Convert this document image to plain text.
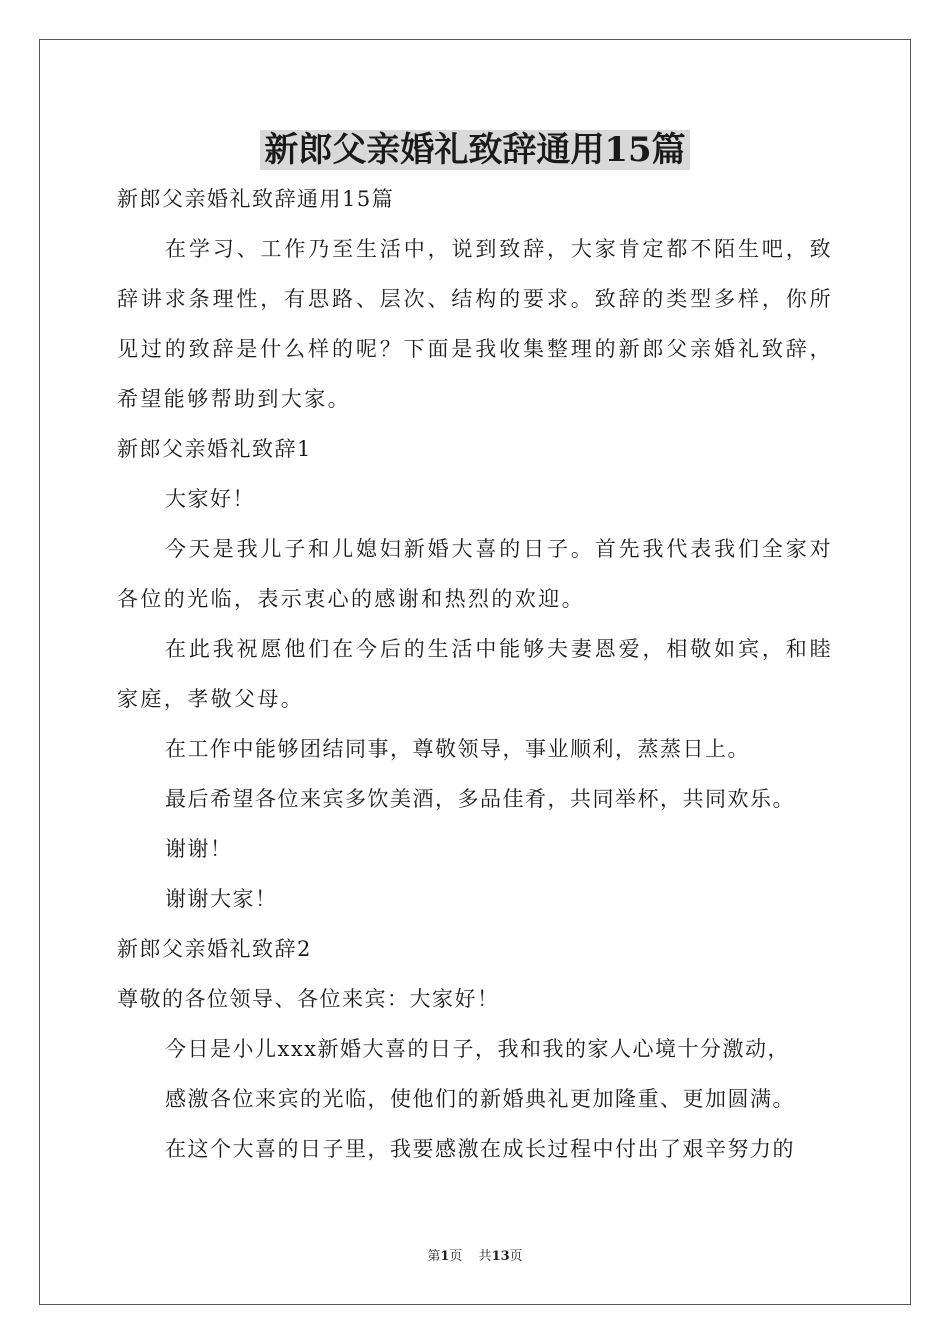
新郎父亲婚礼致辞通用15篇

新郎父亲婚礼致辞通用15篇

在学习、工作乃至生活中，说到致辞，大家肯定都不陌生吧，致辞讲求条理性，有思路、层次、结构的要求。致辞的类型多样，你所见过的致辞是什么样的呢？下面是我收集整理的新郎父亲婚礼致辞，希望能够帮助到大家。

新郎父亲婚礼致辞1

大家好！

今天是我儿子和儿媳妇新婚大喜的日子。首先我代表我们全家对各位的光临，表示衷心的感谢和热烈的欢迎。

在此我祝愿他们在今后的生活中能够夫妻恩爱，相敬如宾，和睦家庭，孝敬父母。

在工作中能够团结同事，尊敬领导，事业顺利，蒸蒸日上。

最后希望各位来宾多饮美酒，多品佳肴，共同举杯，共同欢乐。

谢谢！

谢谢大家！

新郎父亲婚礼致辞2

尊敬的各位领导、各位来宾：大家好！

今日是小儿xxx新婚大喜的日子，我和我的家人心境十分激动，

感激各位来宾的光临，使他们的新婚典礼更加隆重、更加圆满。

在这个大喜的日子里，我要感激在成长过程中付出了艰辛努力的

第1页 共13页
